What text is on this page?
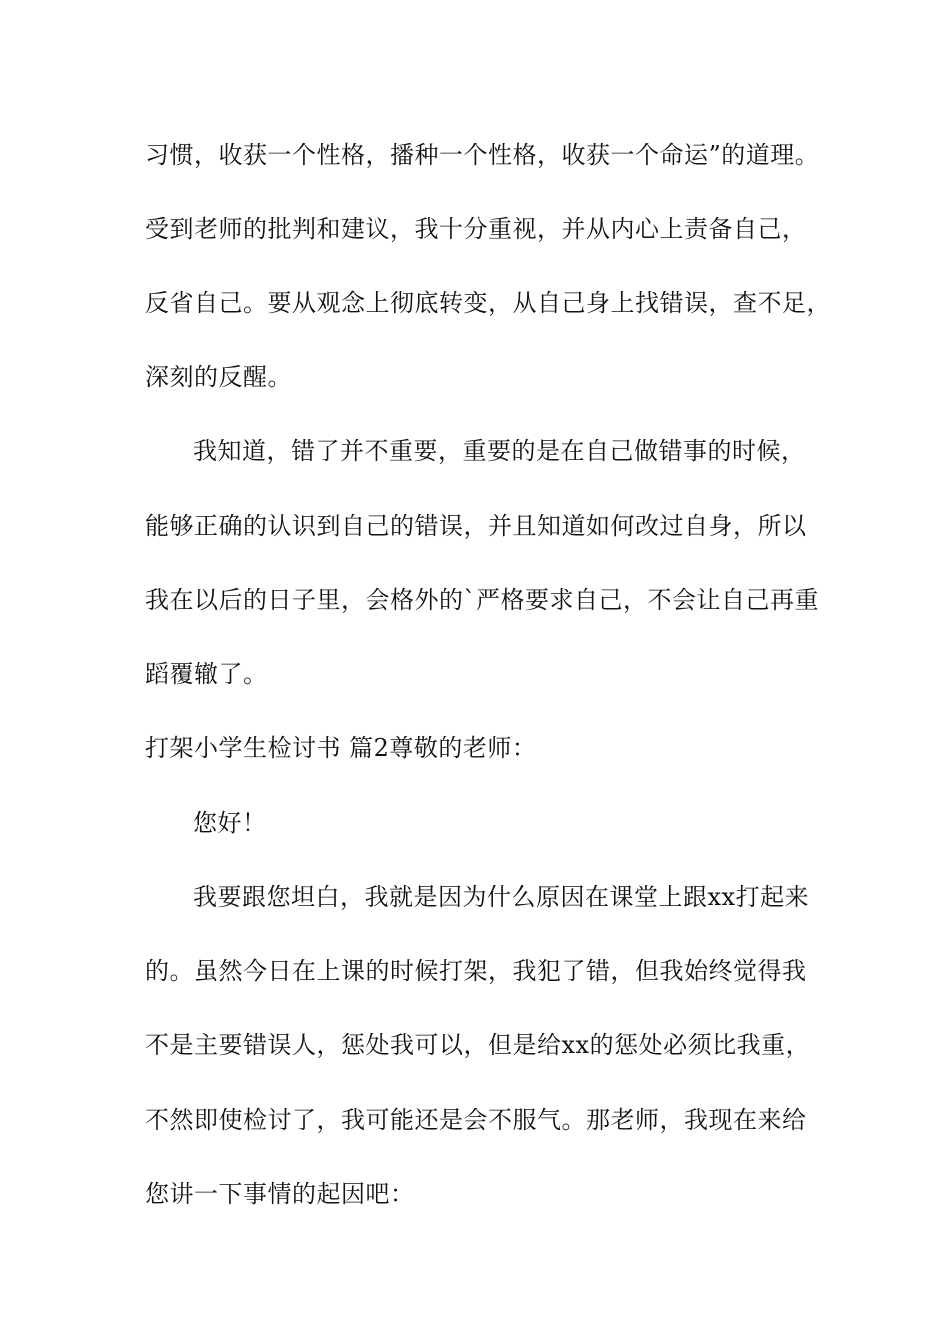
习惯，收获一个性格，播种一个性格，收获一个命运”的道理。
受到老师的批判和建议，我十分重视，并从内心上责备自己，
反省自己。要从观念上彻底转变，从自己身上找错误，查不足，
深刻的反醒。
我知道，错了并不重要，重要的是在自己做错事的时候，
能够正确的认识到自己的错误，并且知道如何改过自身，所以
我在以后的日子里，会格外的`严格要求自己，不会让自己再重
蹈覆辙了。
打架小学生检讨书 篇2尊敬的老师：
您好！
我要跟您坦白，我就是因为什么原因在课堂上跟xx打起来
的。虽然今日在上课的时候打架，我犯了错，但我始终觉得我
不是主要错误人，惩处我可以，但是给xx的惩处必须比我重，
不然即使检讨了，我可能还是会不服气。那老师，我现在来给
您讲一下事情的起因吧：
